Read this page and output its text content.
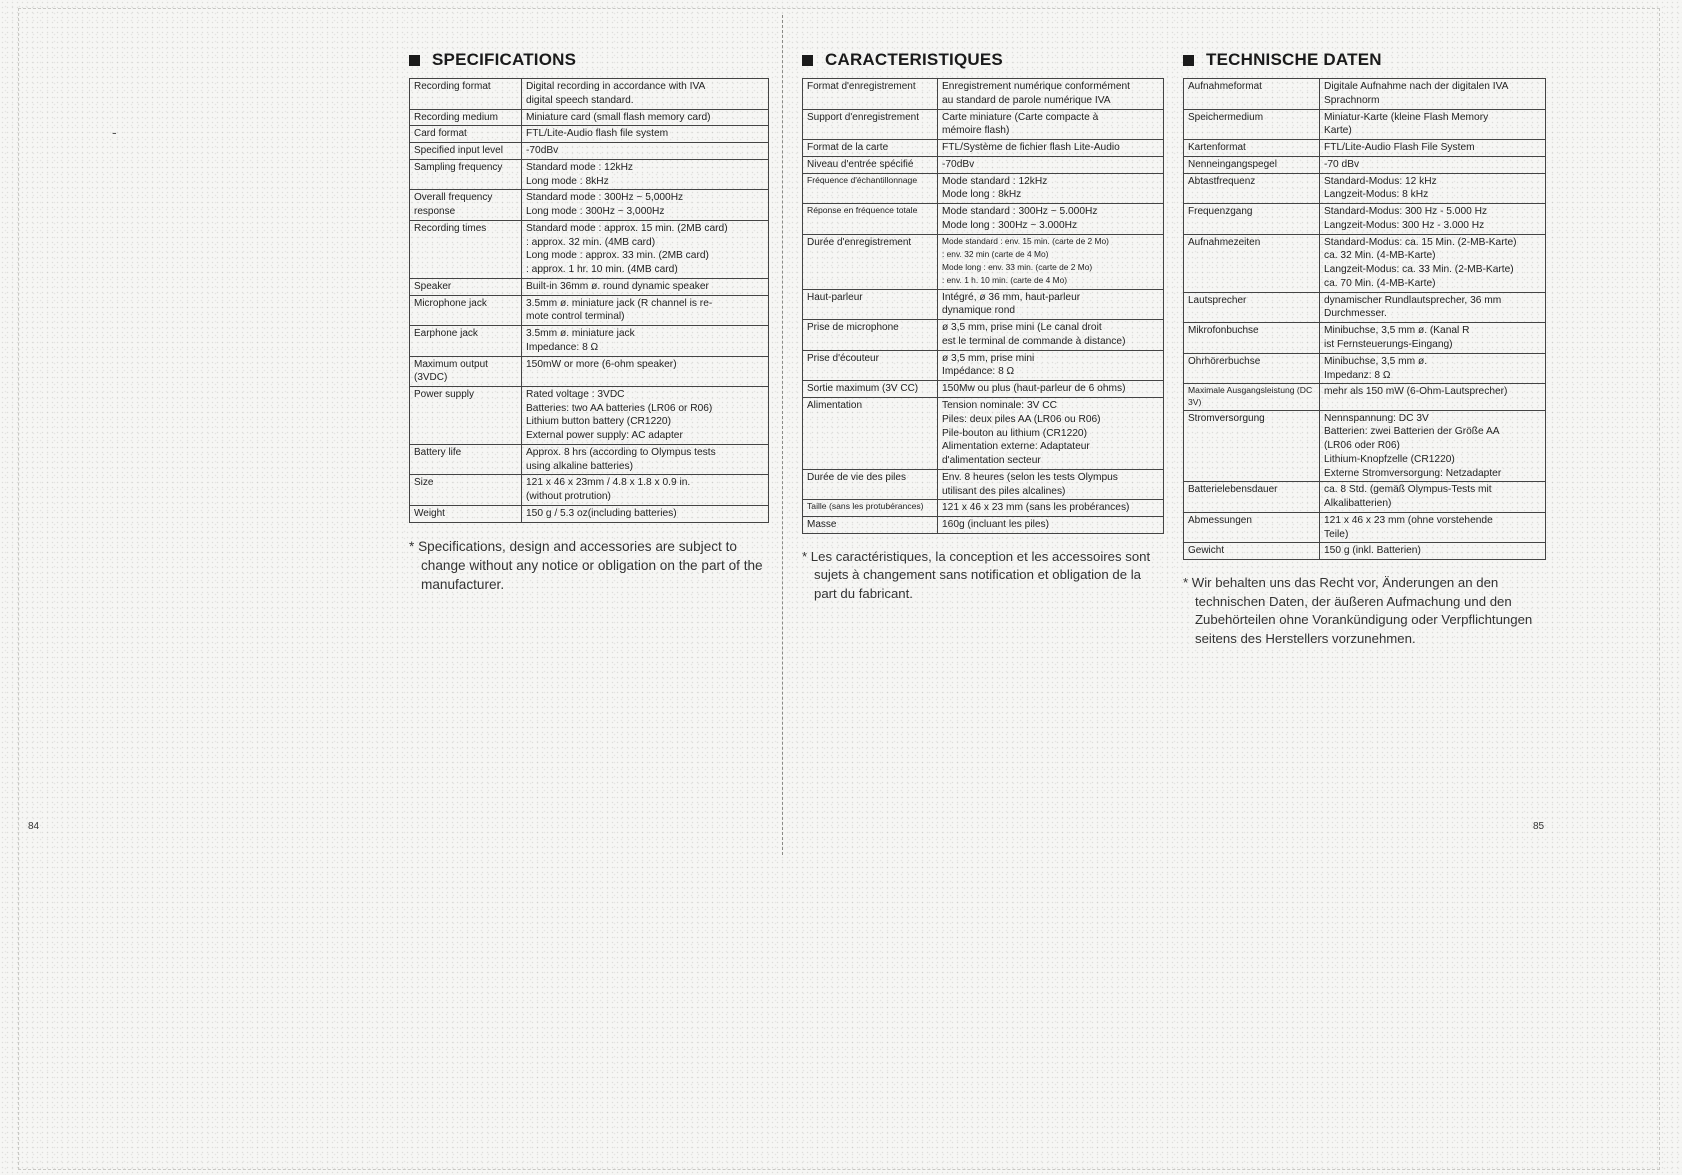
‐
SPECIFICATIONS
Recording format	Digital recording in accordance with IVA
digital speech standard.

Recording medium	Miniature card (small flash memory card)

Card format	FTL/Lite-Audio flash file system

Specified input level	-70dBv

Sampling frequency	Standard mode : 12kHz
Long mode : 8kHz

Overall frequency response	Standard mode : 300Hz ~ 5,000Hz
Long mode : 300Hz ~ 3,000Hz

Recording times	Standard mode : approx. 15 min. (2MB card)
: approx. 32 min. (4MB card)
Long mode : approx. 33 min. (2MB card)
: approx. 1 hr. 10 min. (4MB card)

Speaker	Built-in 36mm ø. round dynamic speaker

Microphone jack	3.5mm ø. miniature jack (R channel is re-
mote control terminal)

Earphone jack	3.5mm ø. miniature jack
Impedance: 8 Ω

Maximum output (3VDC)	150mW or more (6-ohm speaker)

Power supply	Rated voltage : 3VDC
Batteries: two AA batteries (LR06 or R06)
Lithium button battery (CR1220)
External power supply: AC adapter

Battery life	Approx. 8 hrs (according to Olympus tests
using alkaline batteries)

Size	121 x 46 x 23mm / 4.8 x 1.8 x 0.9 in.
(without protrution)

Weight	150 g / 5.3 oz(including batteries)
* Specifications, design and accessories are subject to change without any notice or obligation on the part of the manufacturer.
CARACTERISTIQUES
Format d'enregistrement	Enregistrement numérique conformément
au standard de parole numérique IVA

Support d'enregistrement	Carte miniature (Carte compacte à
mémoire flash)

Format de la carte	FTL/Système de fichier flash Lite-Audio

Niveau d'entrée spécifié	-70dBv

Fréquence d'échantillonnage	Mode standard : 12kHz
Mode long : 8kHz

Réponse en fréquence totale	Mode standard : 300Hz ~ 5.000Hz
Mode long : 300Hz ~ 3.000Hz

Durée d'enregistrement	Mode standard : env. 15 min. (carte de 2 Mo)
: env. 32 min (carte de 4 Mo)
Mode long : env. 33 min. (carte de 2 Mo)
: env. 1 h. 10 min. (carte de 4 Mo)

Haut-parleur	Intégré, ø 36 mm, haut-parleur
dynamique rond

Prise de microphone	ø 3,5 mm, prise mini (Le canal droit
est le terminal de commande à distance)

Prise d'écouteur	ø 3,5 mm, prise mini
Impédance: 8 Ω

Sortie maximum (3V CC)	150Mw ou plus (haut-parleur de 6 ohms)

Alimentation	Tension nominale: 3V CC
Piles: deux piles AA (LR06 ou R06)
Pile-bouton au lithium (CR1220)
Alimentation externe: Adaptateur
d'alimentation secteur

Durée de vie des piles	Env. 8 heures (selon les tests Olympus
utilisant des piles alcalines)

Taille (sans les protubérances)	121 x 46 x 23 mm (sans les probérances)

Masse	160g (incluant les piles)
* Les caractéristiques, la conception et les accessoires sont sujets à changement sans notification et obligation de la part du fabricant.
TECHNISCHE DATEN
Aufnahmeformat	Digitale Aufnahme nach der digitalen IVA
Sprachnorm

Speichermedium	Miniatur-Karte (kleine Flash Memory
Karte)

Kartenformat	FTL/Lite-Audio Flash File System

Nenneingangspegel	-70 dBv

Abtastfrequenz	Standard-Modus: 12 kHz
Langzeit-Modus: 8 kHz

Frequenzgang	Standard-Modus: 300 Hz - 5.000 Hz
Langzeit-Modus: 300 Hz - 3.000 Hz

Aufnahmezeiten	Standard-Modus: ca. 15 Min. (2-MB-Karte)
ca. 32 Min. (4-MB-Karte)
Langzeit-Modus: ca. 33 Min. (2-MB-Karte)
ca. 70 Min. (4-MB-Karte)

Lautsprecher	dynamischer Rundlautsprecher, 36 mm
Durchmesser.

Mikrofonbuchse	Minibuchse, 3,5 mm ø. (Kanal R
ist Fernsteuerungs-Eingang)

Ohrhörerbuchse	Minibuchse, 3,5 mm ø.
Impedanz: 8 Ω

Maximale Ausgangsleistung (DC 3V)	mehr als 150 mW (6-Ohm-Lautsprecher)

Stromversorgung	Nennspannung: DC 3V
Batterien: zwei Batterien der Größe AA
(LR06 oder R06)
Lithium-Knopfzelle (CR1220)
Externe Stromversorgung: Netzadapter

Batterielebensdauer	ca. 8 Std. (gemäß Olympus-Tests mit
Alkalibatterien)

Abmessungen	121 x 46 x 23 mm (ohne vorstehende
Teile)

Gewicht	150 g (inkl. Batterien)
* Wir behalten uns das Recht vor, Änderungen an den technischen Daten, der äußeren Aufmachung und den Zubehörteilen ohne Vorankündigung oder Verpflichtungen seitens des Herstellers vorzunehmen.
84	85
